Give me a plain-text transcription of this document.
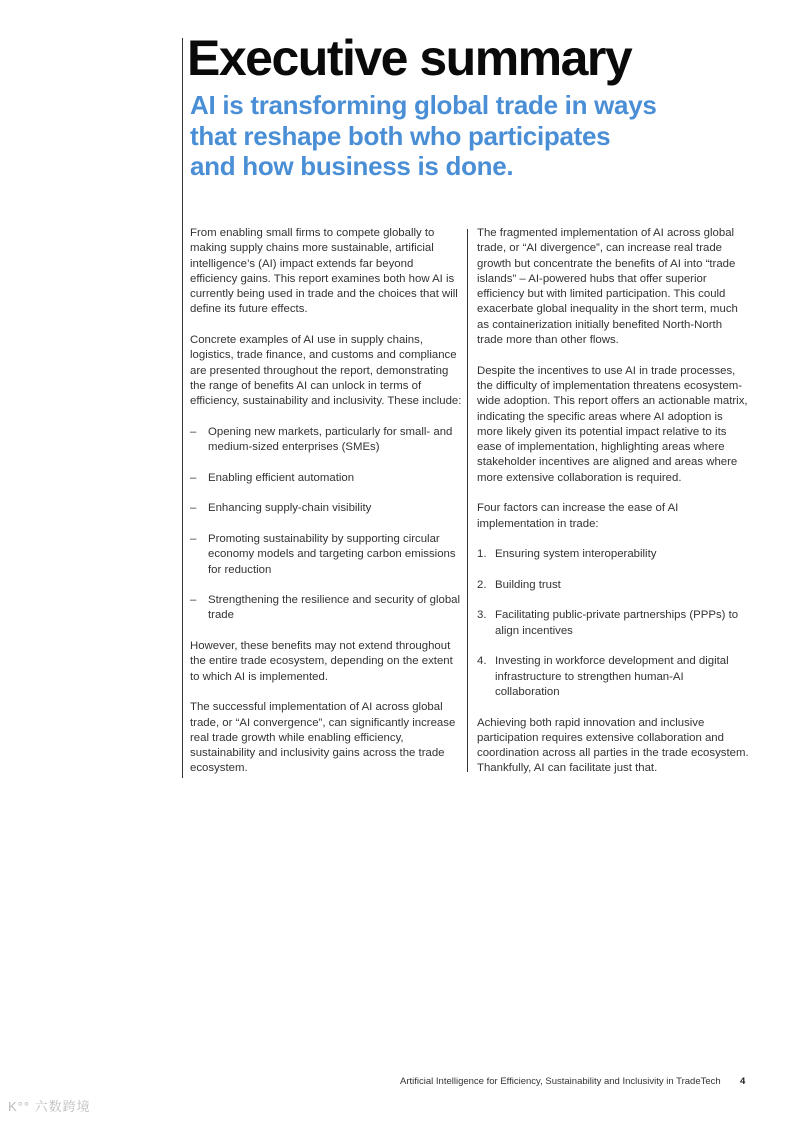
Executive summary
AI is transforming global trade in ways that reshape both who participates and how business is done.

From enabling small firms to compete globally to making supply chains more sustainable, artificial intelligence’s (AI) impact extends far beyond efficiency gains. This report examines both how AI is currently being used in trade and the choices that will define its future effects.

Concrete examples of AI use in supply chains, logistics, trade finance, and customs and compliance are presented throughout the report, demonstrating the range of benefits AI can unlock in terms of efficiency, sustainability and inclusivity. These include:

– Opening new markets, particularly for small- and medium-sized enterprises (SMEs)
– Enabling efficient automation
– Enhancing supply-chain visibility
– Promoting sustainability by supporting circular economy models and targeting carbon emissions for reduction
– Strengthening the resilience and security of global trade

However, these benefits may not extend throughout the entire trade ecosystem, depending on the extent to which AI is implemented.

The successful implementation of AI across global trade, or “AI convergence”, can significantly increase real trade growth while enabling efficiency, sustainability and inclusivity gains across the trade ecosystem.

The fragmented implementation of AI across global trade, or “AI divergence”, can increase real trade growth but concentrate the benefits of AI into “trade islands” – AI-powered hubs that offer superior efficiency but with limited participation. This could exacerbate global inequality in the short term, much as containerization initially benefited North-North trade more than other flows.

Despite the incentives to use AI in trade processes, the difficulty of implementation threatens ecosystem-wide adoption. This report offers an actionable matrix, indicating the specific areas where AI adoption is more likely given its potential impact relative to its ease of implementation, highlighting areas where stakeholder incentives are aligned and areas where more extensive collaboration is required.

Four factors can increase the ease of AI implementation in trade:

1. Ensuring system interoperability
2. Building trust
3. Facilitating public-private partnerships (PPPs) to align incentives
4. Investing in workforce development and digital infrastructure to strengthen human-AI collaboration

Achieving both rapid innovation and inclusive participation requires extensive collaboration and coordination across all parties in the trade ecosystem. Thankfully, AI can facilitate just that.

Artificial Intelligence for Efficiency, Sustainability and Inclusivity in TradeTech 4
K°° 六数跨境
